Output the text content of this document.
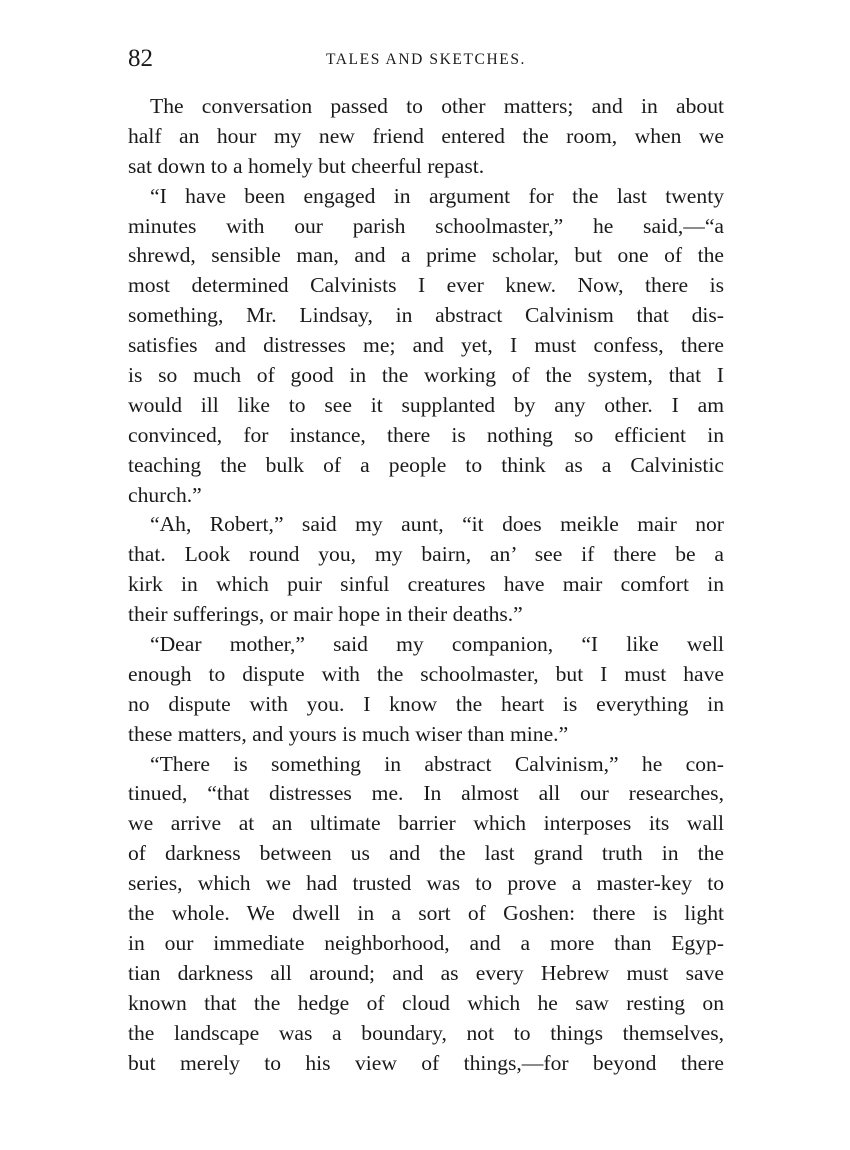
82	TALES AND SKETCHES.
The conversation passed to other matters; and in about
half an hour my new friend entered the room, when we
sat down to a homely but cheerful repast.
“I have been engaged in argument for the last twenty
minutes with our parish schoolmaster,” he said,—“a
shrewd, sensible man, and a prime scholar, but one of the
most determined Calvinists I ever knew. Now, there is
something, Mr. Lindsay, in abstract Calvinism that dis-
satisfies and distresses me; and yet, I must confess, there
is so much of good in the working of the system, that I
would ill like to see it supplanted by any other. I am
convinced, for instance, there is nothing so efficient in
teaching the bulk of a people to think as a Calvinistic
church.”
“Ah, Robert,” said my aunt, “it does meikle mair nor
that. Look round you, my bairn, an’ see if there be a
kirk in which puir sinful creatures have mair comfort in
their sufferings, or mair hope in their deaths.”
“Dear mother,” said my companion, “I like well
enough to dispute with the schoolmaster, but I must have
no dispute with you. I know the heart is everything in
these matters, and yours is much wiser than mine.”
“There is something in abstract Calvinism,” he con-
tinued, “that distresses me. In almost all our researches,
we arrive at an ultimate barrier which interposes its wall
of darkness between us and the last grand truth in the
series, which we had trusted was to prove a master-key to
the whole. We dwell in a sort of Goshen: there is light
in our immediate neighborhood, and a more than Egyp-
tian darkness all around; and as every Hebrew must save
known that the hedge of cloud which he saw resting on
the landscape was a boundary, not to things themselves,
but merely to his view of things,—for beyond there
